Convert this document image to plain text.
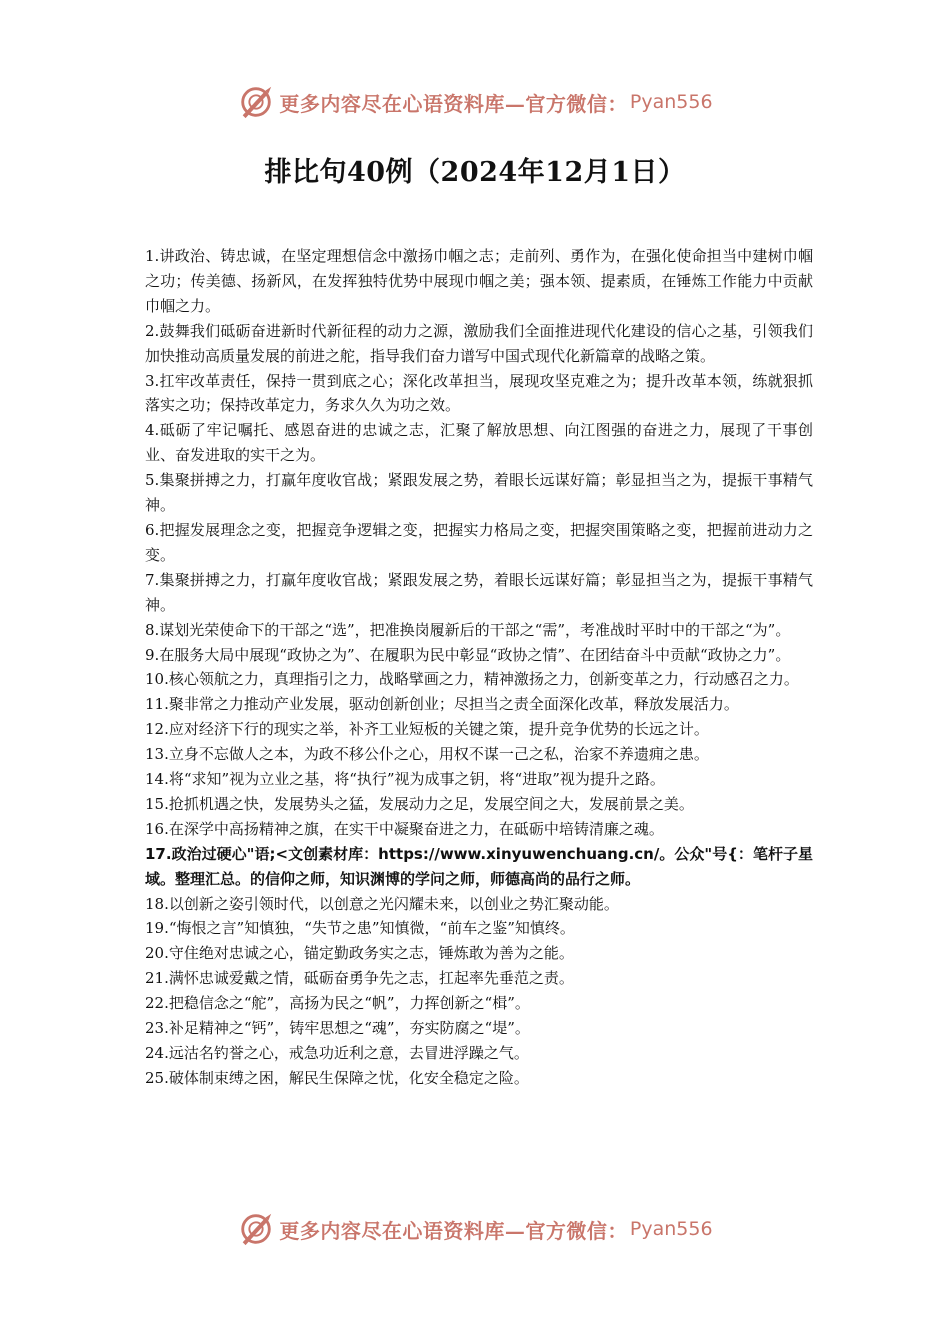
更多内容尽在心语资料库—官方微信： Pyan556
排比句40例（2024年12月1日）

1.讲政治、铸忠诚，在坚定理想信念中激扬巾帼之志；走前列、勇作为，在强化使命担当中建树巾帼之功；传美德、扬新风，在发挥独特优势中展现巾帼之美；强本领、提素质，在锤炼工作能力中贡献巾帼之力。

2.鼓舞我们砥砺奋进新时代新征程的动力之源，激励我们全面推进现代化建设的信心之基，引领我们加快推动高质量发展的前进之舵，指导我们奋力谱写中国式现代化新篇章的战略之策。

3.扛牢改革责任，保持一贯到底之心；深化改革担当，展现攻坚克难之为；提升改革本领，练就狠抓落实之功；保持改革定力，务求久久为功之效。

4.砥砺了牢记嘱托、感恩奋进的忠诚之志，汇聚了解放思想、向江图强的奋进之力，展现了干事创业、奋发进取的实干之为。

5.集聚拼搏之力，打赢年度收官战；紧跟发展之势，着眼长远谋好篇；彰显担当之为，提振干事精气神。

6.把握发展理念之变，把握竞争逻辑之变，把握实力格局之变，把握突围策略之变，把握前进动力之变。

7.集聚拼搏之力，打赢年度收官战；紧跟发展之势，着眼长远谋好篇；彰显担当之为，提振干事精气神。

8.谋划光荣使命下的干部之“选”，把准换岗履新后的干部之“需”，考准战时平时中的干部之“为”。

9.在服务大局中展现“政协之为”、在履职为民中彰显“政协之情”、在团结奋斗中贡献“政协之力”。

10.核心领航之力，真理指引之力，战略擘画之力，精神激扬之力，创新变革之力，行动感召之力。

11.聚非常之力推动产业发展，驱动创新创业；尽担当之责全面深化改革，释放发展活力。

12.应对经济下行的现实之举，补齐工业短板的关键之策，提升竞争优势的长远之计。

13.立身不忘做人之本，为政不移公仆之心，用权不谋一己之私，治家不养遗痈之患。

14.将“求知”视为立业之基，将“执行”视为成事之钥，将“进取”视为提升之路。

15.抢抓机遇之快，发展势头之猛，发展动力之足，发展空间之大，发展前景之美。

16.在深学中高扬精神之旗，在实干中凝聚奋进之力，在砥砺中培铸清廉之魂。

17.政治过硬心"语;<文创素材库：https://www.xinyuwenchuang.cn/。公众"号{：笔杆子星域。整理汇总。的信仰之师，知识渊博的学问之师，师德高尚的品行之师。

18.以创新之姿引领时代，以创意之光闪耀未来，以创业之势汇聚动能。

19.“悔恨之言”知慎独，“失节之患”知慎微，“前车之鉴”知慎终。

20.守住绝对忠诚之心，锚定勤政务实之志，锤炼敢为善为之能。

21.满怀忠诚爱戴之情，砥砺奋勇争先之志，扛起率先垂范之责。

22.把稳信念之“舵”，高扬为民之“帆”，力挥创新之“楫”。

23.补足精神之“钙”，铸牢思想之“魂”，夯实防腐之“堤”。

24.远沽名钓誉之心，戒急功近利之意，去冒进浮躁之气。

25.破体制束缚之困，解民生保障之忧，化安全稳定之险。

更多内容尽在心语资料库—官方微信： Pyan556
